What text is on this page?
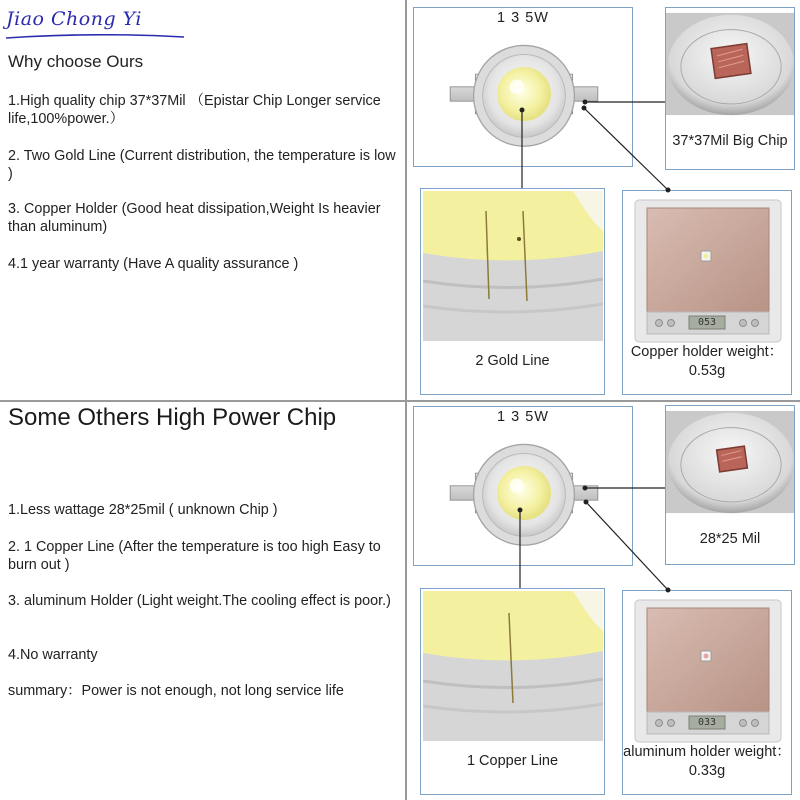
Jiao Chong Yi
Why choose Ours
1.High quality chip 37*37Mil （Epistar Chip Longer service life,100%power.）
2. Two Gold Line (Current distribution, the temperature is low )
3. Copper Holder (Good heat dissipation,Weight Is heavier than aluminum)
4.1 year warranty (Have A quality assurance )
Some Others High Power Chip
1.Less wattage 28*25mil ( unknown Chip )
2. 1 Copper Line (After the temperature is too high Easy to burn out )
3. aluminum Holder (Light weight.The cooling effect is poor.)
4.No warranty
summary：Power is not enough, not long service life
1 3 5W
37*37Mil Big Chip
2 Gold Line
053
Copper holder weight：0.53g
1 3 5W
28*25 Mil
1 Copper Line
033
aluminum holder weight：0.33g
